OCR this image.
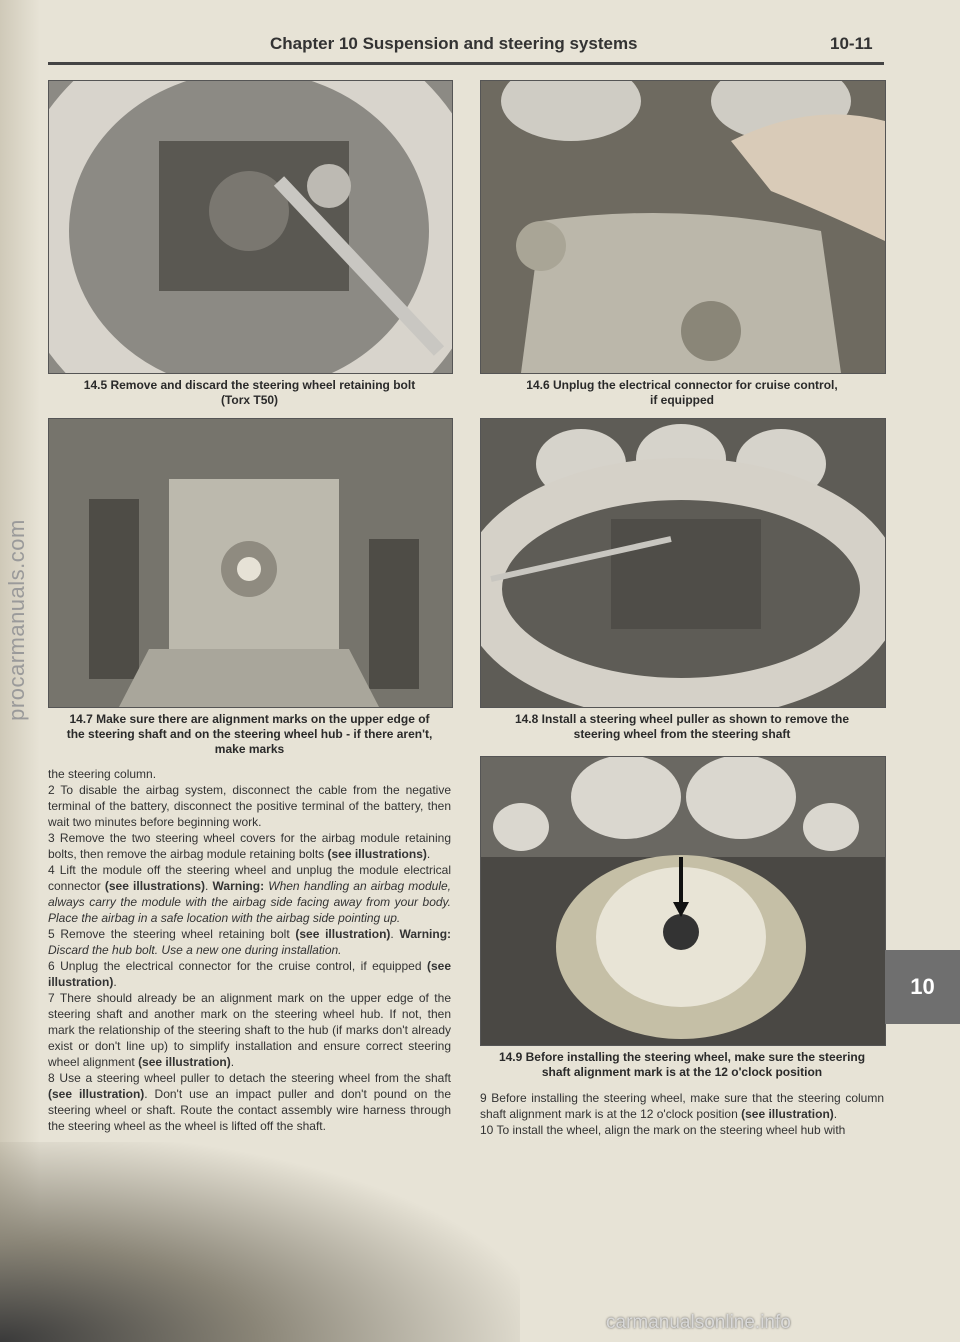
Chapter 10 Suspension and steering systems	10-11
14.5 Remove and discard the steering wheel retaining bolt
(Torx T50)
14.6 Unplug the electrical connector for cruise control,
if equipped
14.7 Make sure there are alignment marks on the upper edge of
the steering shaft and on the steering wheel hub - if there aren't,
make marks
14.8 Install a steering wheel puller as shown to remove the
steering wheel from the steering shaft
14.9 Before installing the steering wheel, make sure the steering
shaft alignment mark is at the 12 o'clock position

the steering column.

2 To disable the airbag system, disconnect the cable from the negative terminal of the battery, disconnect the positive terminal of the battery, then wait two minutes before beginning work.

3 Remove the two steering wheel covers for the airbag module retaining bolts, then remove the airbag module retaining bolts (see illustrations).

4 Lift the module off the steering wheel and unplug the module electrical connector (see illustrations). Warning: When handling an airbag module, always carry the module with the airbag side facing away from your body. Place the airbag in a safe location with the airbag side pointing up.

5 Remove the steering wheel retaining bolt (see illustration). Warning: Discard the hub bolt. Use a new one during installation.

6 Unplug the electrical connector for the cruise control, if equipped (see illustration).

7 There should already be an alignment mark on the upper edge of the steering shaft and another mark on the steering wheel hub. If not, then mark the relationship of the steering shaft to the hub (if marks don't already exist or don't line up) to simplify installation and ensure correct steering wheel alignment (see illustration).

8 Use a steering wheel puller to detach the steering wheel from the shaft (see illustration). Don't use an impact puller and don't pound on the steering wheel or shaft. Route the contact assembly wire harness through the steering wheel as the wheel is lifted off the shaft.

9 Before installing the steering wheel, make sure that the steering column shaft alignment mark is at the 12 o'clock position (see illustration).

10 To install the wheel, align the mark on the steering wheel hub with

10
procarmanuals.com
carmanualsonline.info
